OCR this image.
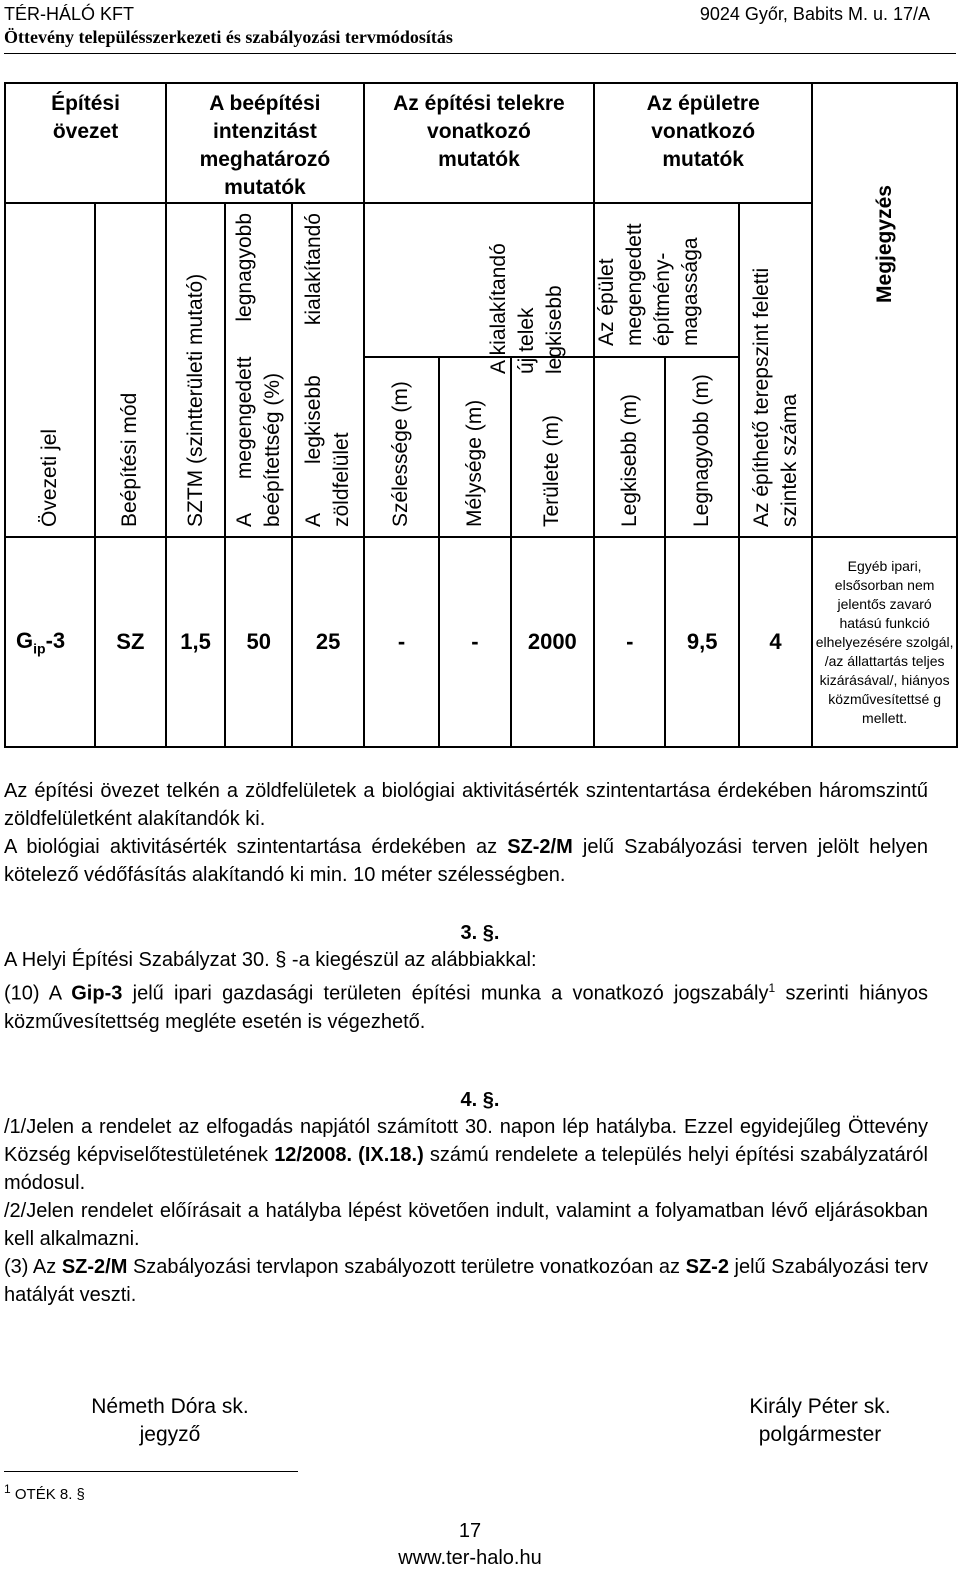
TÉR-HÁLÓ KFT	9024 Győr, Babits M. u. 17/A
Öttevény településszerkezeti és szabályozási tervmódosítás
Építési övezet		A beépítési intenzitást meghatározó mutatók			Az építési telekre vonatkozó mutatók			Az épületre vonatkozó mutatók			Megjegyzés

Övezeti jel	Beépítési mód	SZTM (szintterületi mutató)	A megengedett legnagyobb beépítettség (%)	A legkisebb kialakítandó zöldfelület	A kialakítandó új telek legkisebb			Az épület megengedett építmény-magassága		Az építhető terepszint feletti szintek száma	

					Szélessége (m)	Mélysége (m)	Területe (m)	Legkisebb (m)	Legnagyobb (m)		

$G_{ip}-3$	SZ	1,5	50	25	-	-	2000	-	9,5	4	Egyéb ipari, elsősorban nem jelentős zavaró hatású funkció elhelyezésére szolgál, /az állattartás teljes kizárásával/, hiányos közművesítettsé g mellett.
Az építési övezet telkén a zöldfelületek a biológiai aktivitásérték szintentartása érdekében háromszintű zöldfelületként alakítandók ki.
A biológiai aktivitásérték szintentartása érdekében az SZ-2/M jelű Szabályozási terven jelölt helyen kötelező védőfásítás alakítandó ki min. 10 méter szélességben.
3. §.
A Helyi Építési Szabályzat 30. § -a kiegészül az alábbiakkal:
(10) A Gip-3 jelű ipari gazdasági területen építési munka a vonatkozó jogszabály$^1$ szerinti hiányos közművesítettség megléte esetén is végezhető.
4. §.
/1/Jelen a rendelet az elfogadás napjától számított 30. napon lép hatályba. Ezzel egyidejűleg Öttevény Község képviselőtestületének 12/2008. (IX.18.) számú rendelete a település helyi építési szabályzatáról módosul.
/2/Jelen rendelet előírásait a hatályba lépést követően indult, valamint a folyamatban lévő eljárásokban kell alkalmazni.
(3) Az SZ-2/M Szabályozási tervlapon szabályozott területre vonatkozóan az SZ-2 jelű Szabályozási terv hatályát veszti.
Németh Dóra sk.
jegyző
Király Péter sk.
polgármester
$^1$ OTÉK 8. §
17
www.ter-halo.hu
